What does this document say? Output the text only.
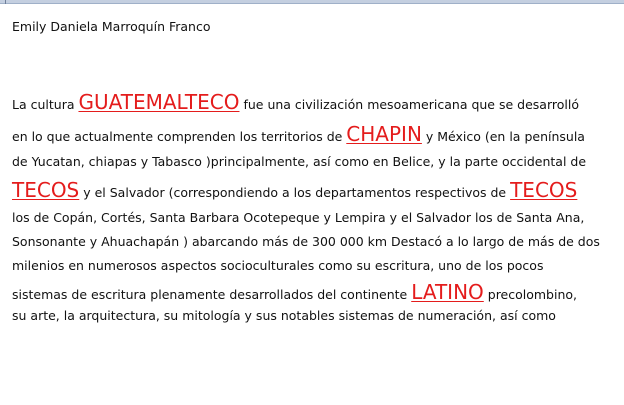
Emily Daniela Marroquín Franco
La cultura GUATEMALTECO fue una civilización mesoamericana que se desarrolló
en lo que actualmente comprenden los territorios de CHAPIN y México (en la península
de Yucatan, chiapas y Tabasco )principalmente, así como en Belice, y la parte occidental de
TECOS y el Salvador (correspondiendo a los departamentos respectivos de TECOS
los de Copán, Cortés, Santa Barbara Ocotepeque y Lempira y el Salvador los de Santa Ana,
Sonsonante y Ahuachapán ) abarcando más de 300 000 km Destacó a lo largo de más de dos
milenios en numerosos aspectos socioculturales como su escritura, uno de los pocos
sistemas de escritura plenamente desarrollados del continente LATINO precolombino,
su arte, la arquitectura, su mitología y sus notables sistemas de numeración, así como
